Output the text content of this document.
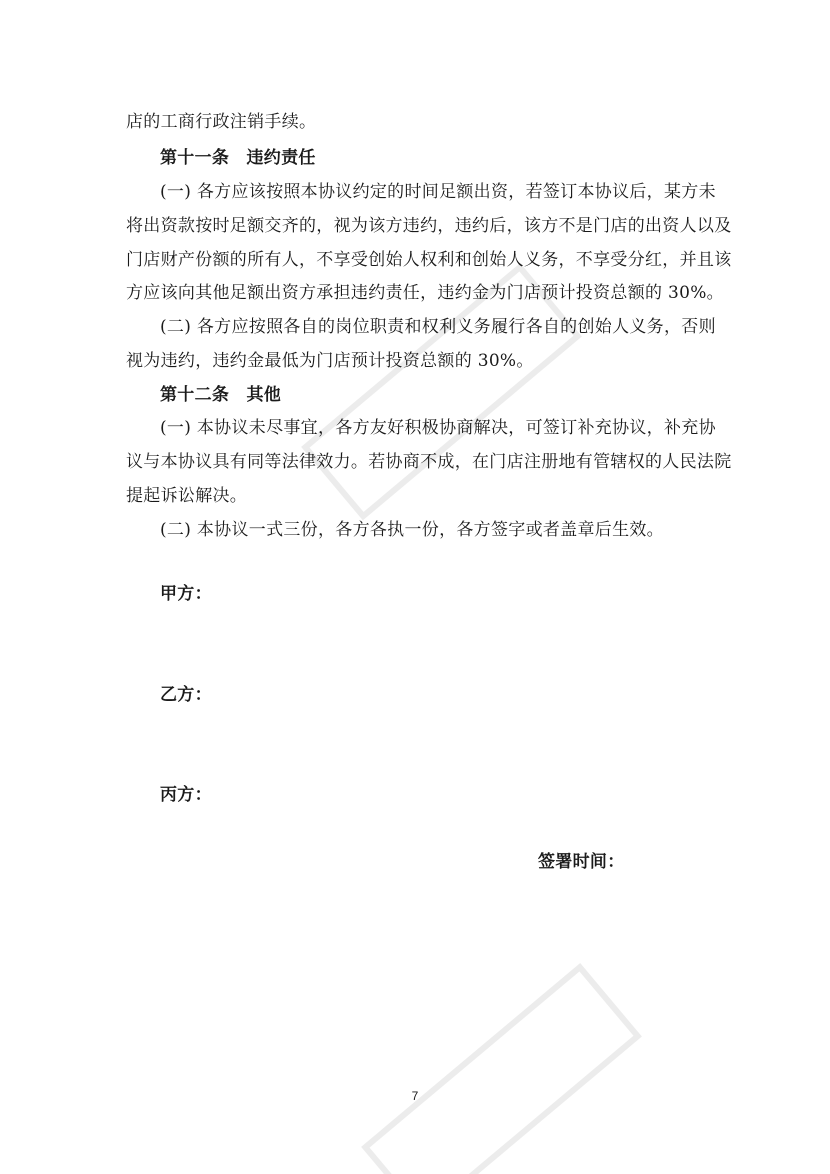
店的工商行政注销手续。
第十一条　违约责任
(一) 各方应该按照本协议约定的时间足额出资，若签订本协议后，某方未
将出资款按时足额交齐的，视为该方违约，违约后，该方不是门店的出资人以及
门店财产份额的所有人，不享受创始人权利和创始人义务，不享受分红，并且该
方应该向其他足额出资方承担违约责任，违约金为门店预计投资总额的 30%。
(二) 各方应按照各自的岗位职责和权利义务履行各自的创始人义务，否则
视为违约，违约金最低为门店预计投资总额的 30%。
第十二条　其他
(一) 本协议未尽事宜，各方友好积极协商解决，可签订补充协议，补充协
议与本协议具有同等法律效力。若协商不成，在门店注册地有管辖权的人民法院
提起诉讼解决。
(二) 本协议一式三份，各方各执一份，各方签字或者盖章后生效。
甲方：
乙方：
丙方：
签署时间：
7
